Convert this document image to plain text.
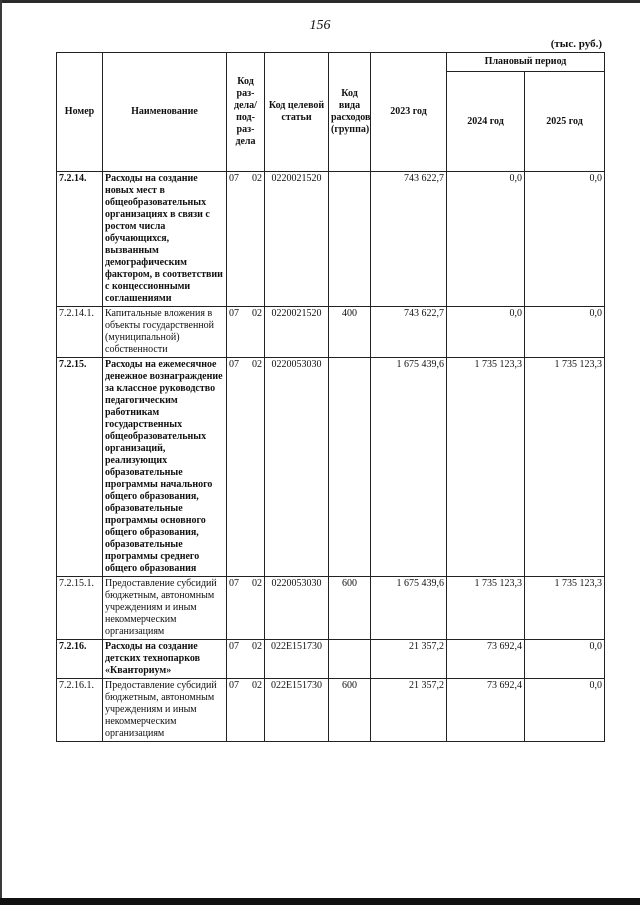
156
(тыс. руб.)
Номер	Наименование	Код раз-дела/ под-раз-дела	Код целевой статьи	Код вида расходов (группа)	2023 год	Плановый период	
						2024 год	2025 год
7.2.14.	Расходы на создание новых мест в общеобразовательных организациях в связи с ростом числа обучающихся, вызванным демографическим фактором, в соответствии с концессионными соглашениями	07 02	0220021520		743 622,7	0,0	0,0
7.2.14.1.	Капитальные вложения в объекты государственной (муниципальной) собственности	07 02	0220021520	400	743 622,7	0,0	0,0
7.2.15.	Расходы на ежемесячное денежное вознаграждение за классное руководство педагогическим работникам государственных общеобразовательных организаций, реализующих образовательные программы начального общего образования, образовательные программы основного общего образования, образовательные программы среднего общего образования	07 02	0220053030		1 675 439,6	1 735 123,3	1 735 123,3
7.2.15.1.	Предоставление субсидий бюджетным, автономным учреждениям и иным некоммерческим организациям	07 02	0220053030	600	1 675 439,6	1 735 123,3	1 735 123,3
7.2.16.	Расходы на создание детских технопарков «Кванториум»	07 02	022Е151730		21 357,2	73 692,4	0,0
7.2.16.1.	Предоставление субсидий бюджетным, автономным учреждениям и иным некоммерческим организациям	07 02	022Е151730	600	21 357,2	73 692,4	0,0
